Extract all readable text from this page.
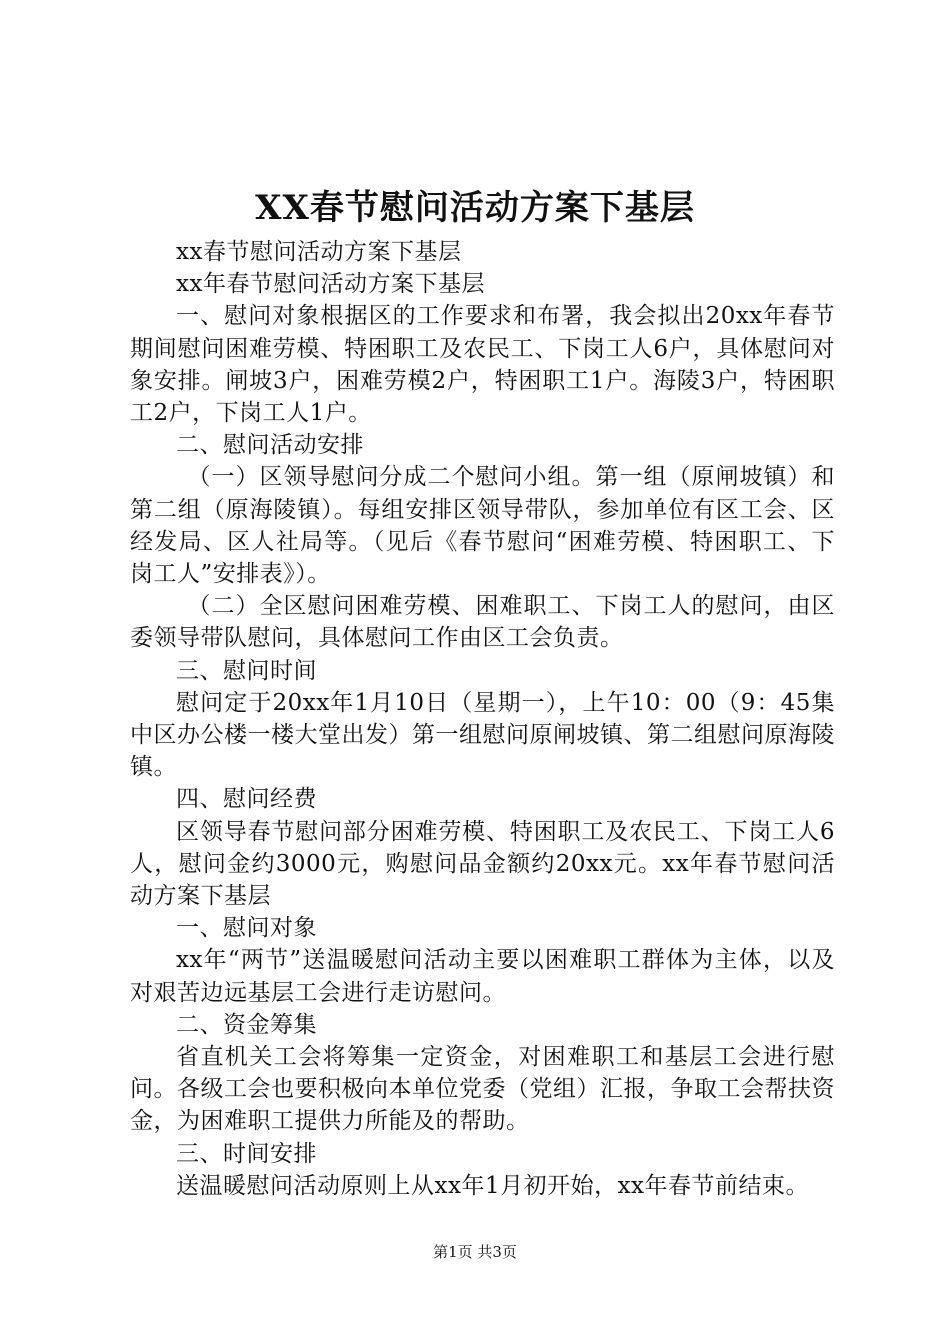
XX春节慰问活动方案下基层

xx春节慰问活动方案下基层

xx年春节慰问活动方案下基层

一、慰问对象根据区的工作要求和布署，我会拟出20xx年春节期间慰问困难劳模、特困职工及农民工、下岗工人6户，具体慰问对象安排。闸坡3户，困难劳模2户，特困职工1户。海陵3户，特困职工2户，下岗工人1户。

二、慰问活动安排

（一）区领导慰问分成二个慰问小组。第一组（原闸坡镇）和第二组（原海陵镇）。每组安排区领导带队，参加单位有区工会、区经发局、区人社局等。（见后《春节慰问“困难劳模、特困职工、下岗工人”安排表》）。

（二）全区慰问困难劳模、困难职工、下岗工人的慰问，由区委领导带队慰问，具体慰问工作由区工会负责。

三、慰问时间

慰问定于20xx年1月10日（星期一），上午10：00（9：45集中区办公楼一楼大堂出发）第一组慰问原闸坡镇、第二组慰问原海陵镇。

四、慰问经费

区领导春节慰问部分困难劳模、特困职工及农民工、下岗工人6人，慰问金约3000元，购慰问品金额约20xx元。xx年春节慰问活动方案下基层

一、慰问对象

xx年“两节”送温暖慰问活动主要以困难职工群体为主体，以及对艰苦边远基层工会进行走访慰问。

二、资金筹集

省直机关工会将筹集一定资金，对困难职工和基层工会进行慰问。各级工会也要积极向本单位党委（党组）汇报，争取工会帮扶资金，为困难职工提供力所能及的帮助。

三、时间安排

送温暖慰问活动原则上从xx年1月初开始，xx年春节前结束。

第1页 共3页
